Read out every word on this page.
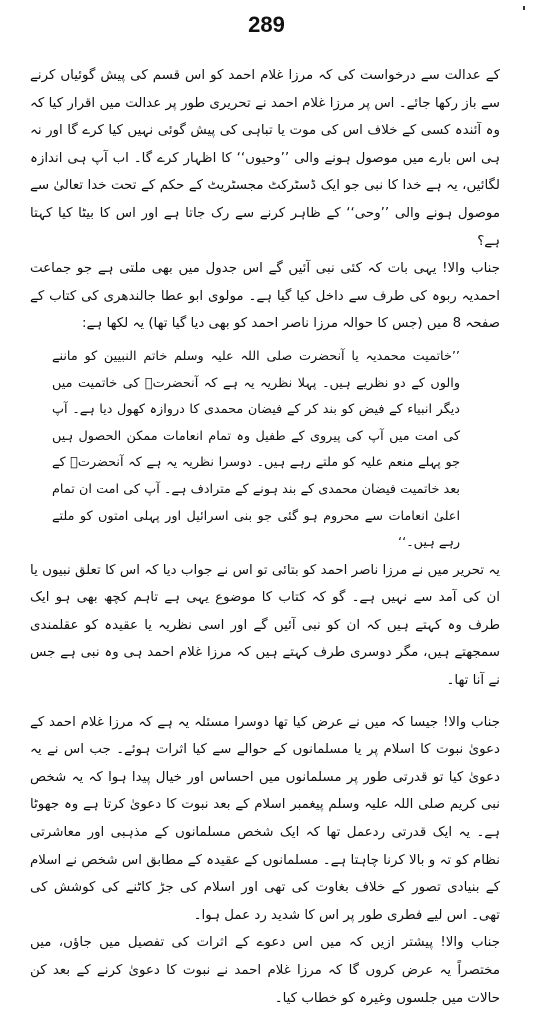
289

کے عدالت سے درخواست کی کہ مرزا غلام احمد کو اس قسم کی پیش گوئیاں کرنے سے باز رکھا جائے۔ اس پر مرزا غلام احمد نے تحریری طور پر عدالت میں اقرار کیا کہ وہ آئندہ کسی کے خلاف اس کی موت یا تباہی کی پیش گوئی نہیں کیا کرے گا اور نہ ہی اس بارے میں موصول ہونے والی ’’وحیوں‘‘ کا اظہار کرے گا۔ اب آپ ہی اندازہ لگائیں، یہ ہے خدا کا نبی جو ایک ڈسٹرکٹ مجسٹریٹ کے حکم کے تحت خدا تعالیٰ سے موصول ہونے والی ’’وحی‘‘ کے ظاہر کرنے سے رک جاتا ہے اور اس کا بیٹا کیا کہتا ہے؟

جناب والا! یہی بات کہ کئی نبی آئیں گے اس جدول میں بھی ملتی ہے جو جماعت احمدیہ ربوہ کی طرف سے داخل کیا گیا ہے۔ مولوی ابو عطا جالندھری کی کتاب کے صفحہ 8 میں (جس کا حوالہ مرزا ناصر احمد کو بھی دیا گیا تھا) یہ لکھا ہے:

’’خاتمیت محمدیہ یا آنحضرت صلی اللہ علیہ وسلم خاتم النبیین کو ماننے والوں کے دو نظریے ہیں۔ پہلا نظریہ یہ ہے کہ آنحضرتؐ کی خاتمیت میں دیگر انبیاء کے فیض کو بند کر کے فیضان محمدی کا دروازہ کھول دیا ہے۔ آپ کی امت میں آپ کی پیروی کے طفیل وہ تمام انعامات ممکن الحصول ہیں جو پہلے منعم علیہ کو ملتے رہے ہیں۔ دوسرا نظریہ یہ ہے کہ آنحضرتؐ کے بعد خاتمیت فیضان محمدی کے بند ہونے کے مترادف ہے۔ آپ کی امت ان تمام اعلیٰ انعامات سے محروم ہو گئی جو بنی اسرائیل اور پہلی امتوں کو ملتے رہے ہیں۔‘‘

یہ تحریر میں نے مرزا ناصر احمد کو بتائی تو اس نے جواب دیا کہ اس کا تعلق نبیوں یا ان کی آمد سے نہیں ہے۔ گو کہ کتاب کا موضوع یہی ہے تاہم کچھ بھی ہو ایک طرف وہ کہتے ہیں کہ ان کو نبی آئیں گے اور اسی نظریہ یا عقیدہ کو عقلمندی سمجھتے ہیں، مگر دوسری طرف کہتے ہیں کہ مرزا غلام احمد ہی وہ نبی ہے جس نے آنا تھا۔

جناب والا! جیسا کہ میں نے عرض کیا تھا دوسرا مسئلہ یہ ہے کہ مرزا غلام احمد کے دعویٰ نبوت کا اسلام پر یا مسلمانوں کے حوالے سے کیا اثرات ہوئے۔ جب اس نے یہ دعویٰ کیا تو قدرتی طور پر مسلمانوں میں احساس اور خیال پیدا ہوا کہ یہ شخص نبی کریم صلی اللہ علیہ وسلم پیغمبر اسلام کے بعد نبوت کا دعویٰ کرتا ہے وہ جھوٹا ہے۔ یہ ایک قدرتی ردعمل تھا کہ ایک شخص مسلمانوں کے مذہبی اور معاشرتی نظام کو تہ و بالا کرنا چاہتا ہے۔ مسلمانوں کے عقیدہ کے مطابق اس شخص نے اسلام کے بنیادی تصور کے خلاف بغاوت کی تھی اور اسلام کی جڑ کاٹنے کی کوشش کی تھی۔ اس لیے فطری طور پر اس کا شدید رد عمل ہوا۔

جناب والا! پیشتر ازیں کہ میں اس دعوے کے اثرات کی تفصیل میں جاؤں، میں مختصراً یہ عرض کروں گا کہ مرزا غلام احمد نے نبوت کا دعویٰ کرنے کے بعد کن حالات میں جلسوں وغیرہ کو خطاب کیا۔
